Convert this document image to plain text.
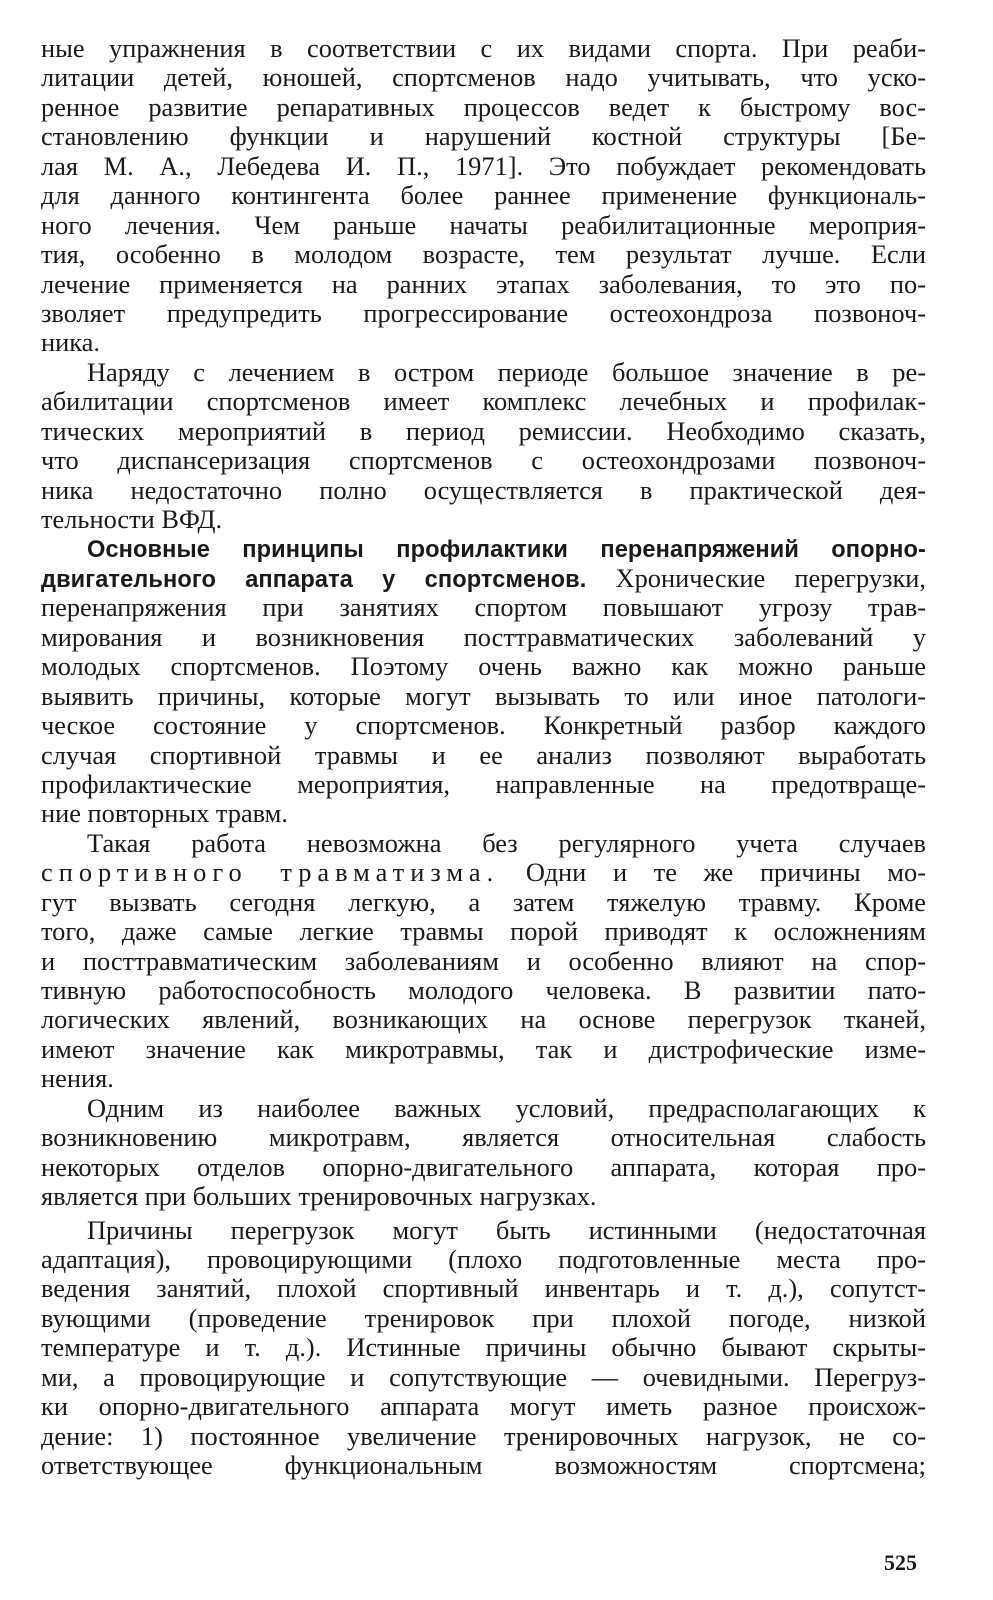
ные упражнения в соответствии с их видами спорта. При реаби-
литации детей, юношей, спортсменов надо учитывать, что уско-
ренное развитие репаративных процессов ведет к быстрому вос-
становлению функции и нарушений костной структуры [Бе-
лая М. А., Лебедева И. П., 1971]. Это побуждает рекомендовать
для данного контингента более раннее применение функциональ-
ного лечения. Чем раньше начаты реабилитационные мероприя-
тия, особенно в молодом возрасте, тем результат лучше. Если
лечение применяется на ранних этапах заболевания, то это по-
зволяет предупредить прогрессирование остеохондроза позвоноч-
ника.
Наряду с лечением в остром периоде большое значение в ре-
абилитации спортсменов имеет комплекс лечебных и профилак-
тических мероприятий в период ремиссии. Необходимо сказать,
что диспансеризация спортсменов с остеохондрозами позвоноч-
ника недостаточно полно осуществляется в практической дея-
тельности ВФД.
Основные принципы профилактики перенапряжений опорно-
двигательного аппарата у спортсменов. Хронические перегрузки,
перенапряжения при занятиях спортом повышают угрозу трав-
мирования и возникновения посттравматических заболеваний у
молодых спортсменов. Поэтому очень важно как можно раньше
выявить причины, которые могут вызывать то или иное патологи-
ческое состояние у спортсменов. Конкретный разбор каждого
случая спортивной травмы и ее анализ позволяют выработать
профилактические мероприятия, направленные на предотвраще-
ние повторных травм.
Такая работа невозможна без регулярного учета случаев
спортивного травматизма. Одни и те же причины мо-
гут вызвать сегодня легкую, а затем тяжелую травму. Кроме
того, даже самые легкие травмы порой приводят к осложнениям
и посттравматическим заболеваниям и особенно влияют на спор-
тивную работоспособность молодого человека. В развитии пато-
логических явлений, возникающих на основе перегрузок тканей,
имеют значение как микротравмы, так и дистрофические изме-
нения.
Одним из наиболее важных условий, предрасполагающих к
возникновению микротравм, является относительная слабость
некоторых отделов опорно-двигательного аппарата, которая про-
является при больших тренировочных нагрузках.
Причины перегрузок могут быть истинными (недостаточная
адаптация), провоцирующими (плохо подготовленные места про-
ведения занятий, плохой спортивный инвентарь и т. д.), сопутст-
вующими (проведение тренировок при плохой погоде, низкой
температуре и т. д.). Истинные причины обычно бывают скрыты-
ми, а провоцирующие и сопутствующие — очевидными. Перегруз-
ки опорно-двигательного аппарата могут иметь разное происхож-
дение: 1) постоянное увеличение тренировочных нагрузок, не со-
ответствующее функциональным возможностям спортсмена;
525
